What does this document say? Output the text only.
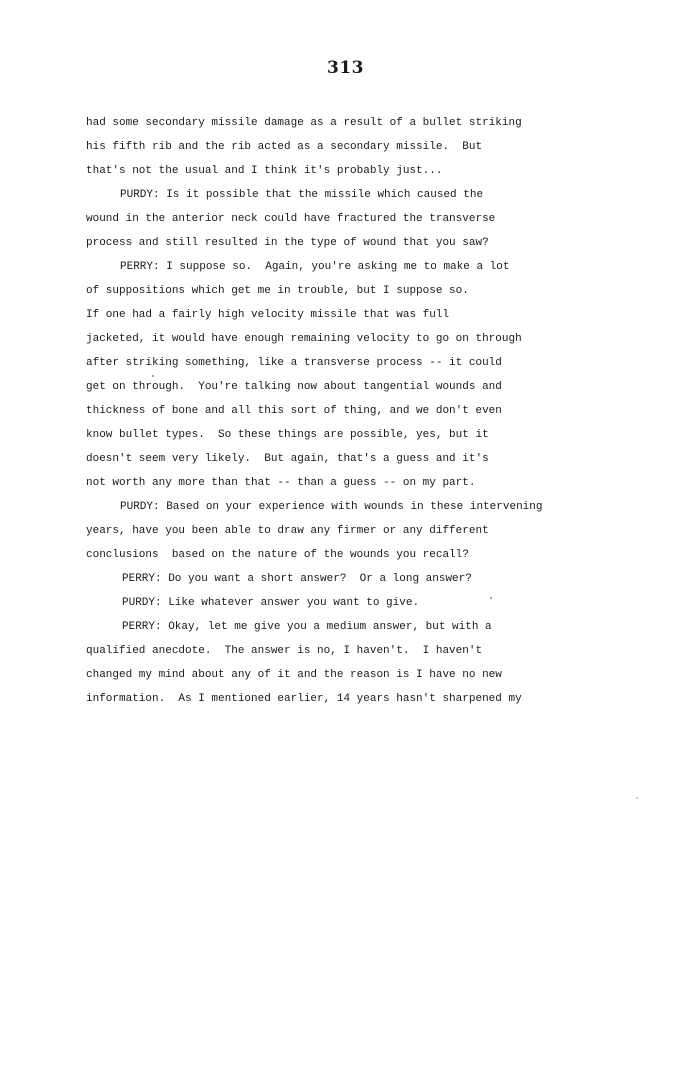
313
had some secondary missile damage as a result of a bullet striking
his fifth rib and the rib acted as a secondary missile.  But
that's not the usual and I think it's probably just...
PURDY: Is it possible that the missile which caused the
wound in the anterior neck could have fractured the transverse
process and still resulted in the type of wound that you saw?
PERRY: I suppose so.  Again, you're asking me to make a lot
of suppositions which get me in trouble, but I suppose so.
If one had a fairly high velocity missile that was full
jacketed, it would have enough remaining velocity to go on through
after striking something, like a transverse process -- it could
get on through.  You're talking now about tangential wounds and
thickness of bone and all this sort of thing, and we don't even
know bullet types.  So these things are possible, yes, but it
doesn't seem very likely.  But again, that's a guess and it's
not worth any more than that -- than a guess -- on my part.
PURDY: Based on your experience with wounds in these intervening
years, have you been able to draw any firmer or any different
conclusions  based on the nature of the wounds you recall?
PERRY: Do you want a short answer?  Or a long answer?
PURDY: Like whatever answer you want to give.
PERRY: Okay, let me give you a medium answer, but with a
qualified anecdote.  The answer is no, I haven't.  I haven't
changed my mind about any of it and the reason is I have no new
information.  As I mentioned earlier, 14 years hasn't sharpened my
